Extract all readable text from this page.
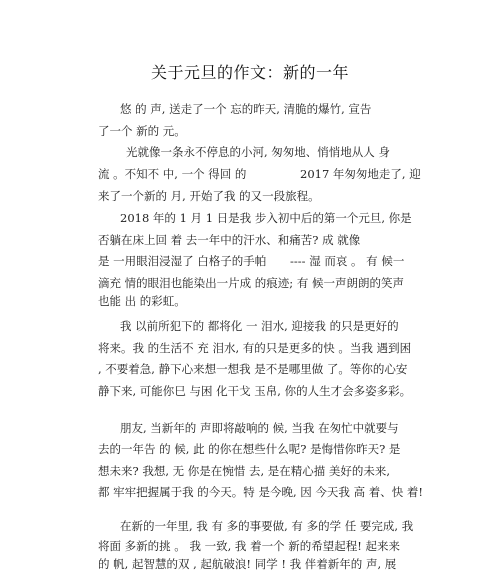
关于元旦的作文：新的一年
悠 的 声, 送走了一个 忘的昨天, 清脆的爆竹, 宣告
了一个 新的 元。
光就像一条永不停息的小河, 匆匆地、悄悄地从人 身
流 。不知不 中, 一个 得回 的	2017 年匆匆地走了, 迎
来了一个新的 月, 开始了我 的又一段旅程。
2018 年的 1 月 1 日是我 步入初中后的第一个元旦, 你是
否躺在床上回 着 去一年中的汗水、和痛苦? 成 就像
是 一用眼泪浸湿了 白格子的手帕 ---- 湿 而哀 。 有 候一
滴充 情的眼泪也能染出一片成 的痕迹; 有 候一声朗朗的笑声
也能 出 的彩虹。
我 以前所犯下的 都将化 一 泪水, 迎接我 的只是更好的
将来。我 的生活不 充 泪水, 有的只是更多的快 。当我 遇到困
, 不要着急, 静下心来想一想我 是不是哪里做 了。等你的心安
静下来, 可能你巳 与困 化干戈 玉帛, 你的人生才会多姿多彩。
朋友, 当新年的 声即将敲响的 候, 当我 在匆忙中就要与
去的一年告 的 候, 此 的你在想些什么呢? 是悔惜你昨天? 是
想未来? 我想, 无 你是在惋惜 去, 是在精心描 美好的未来,
都 牢牢把握属于我 的今天。特 是今晚, 因 今天我 高 着、快 着!
在新的一年里, 我 有 多的事要做, 有 多的学 任 要完成, 我
将面 多新的挑 。 我 一致, 我 着一个 新的希望起程! 起来来
的 帆, 起智慧的双 , 起航破浪! 同学 ! 我 伴着新年的 声, 展
